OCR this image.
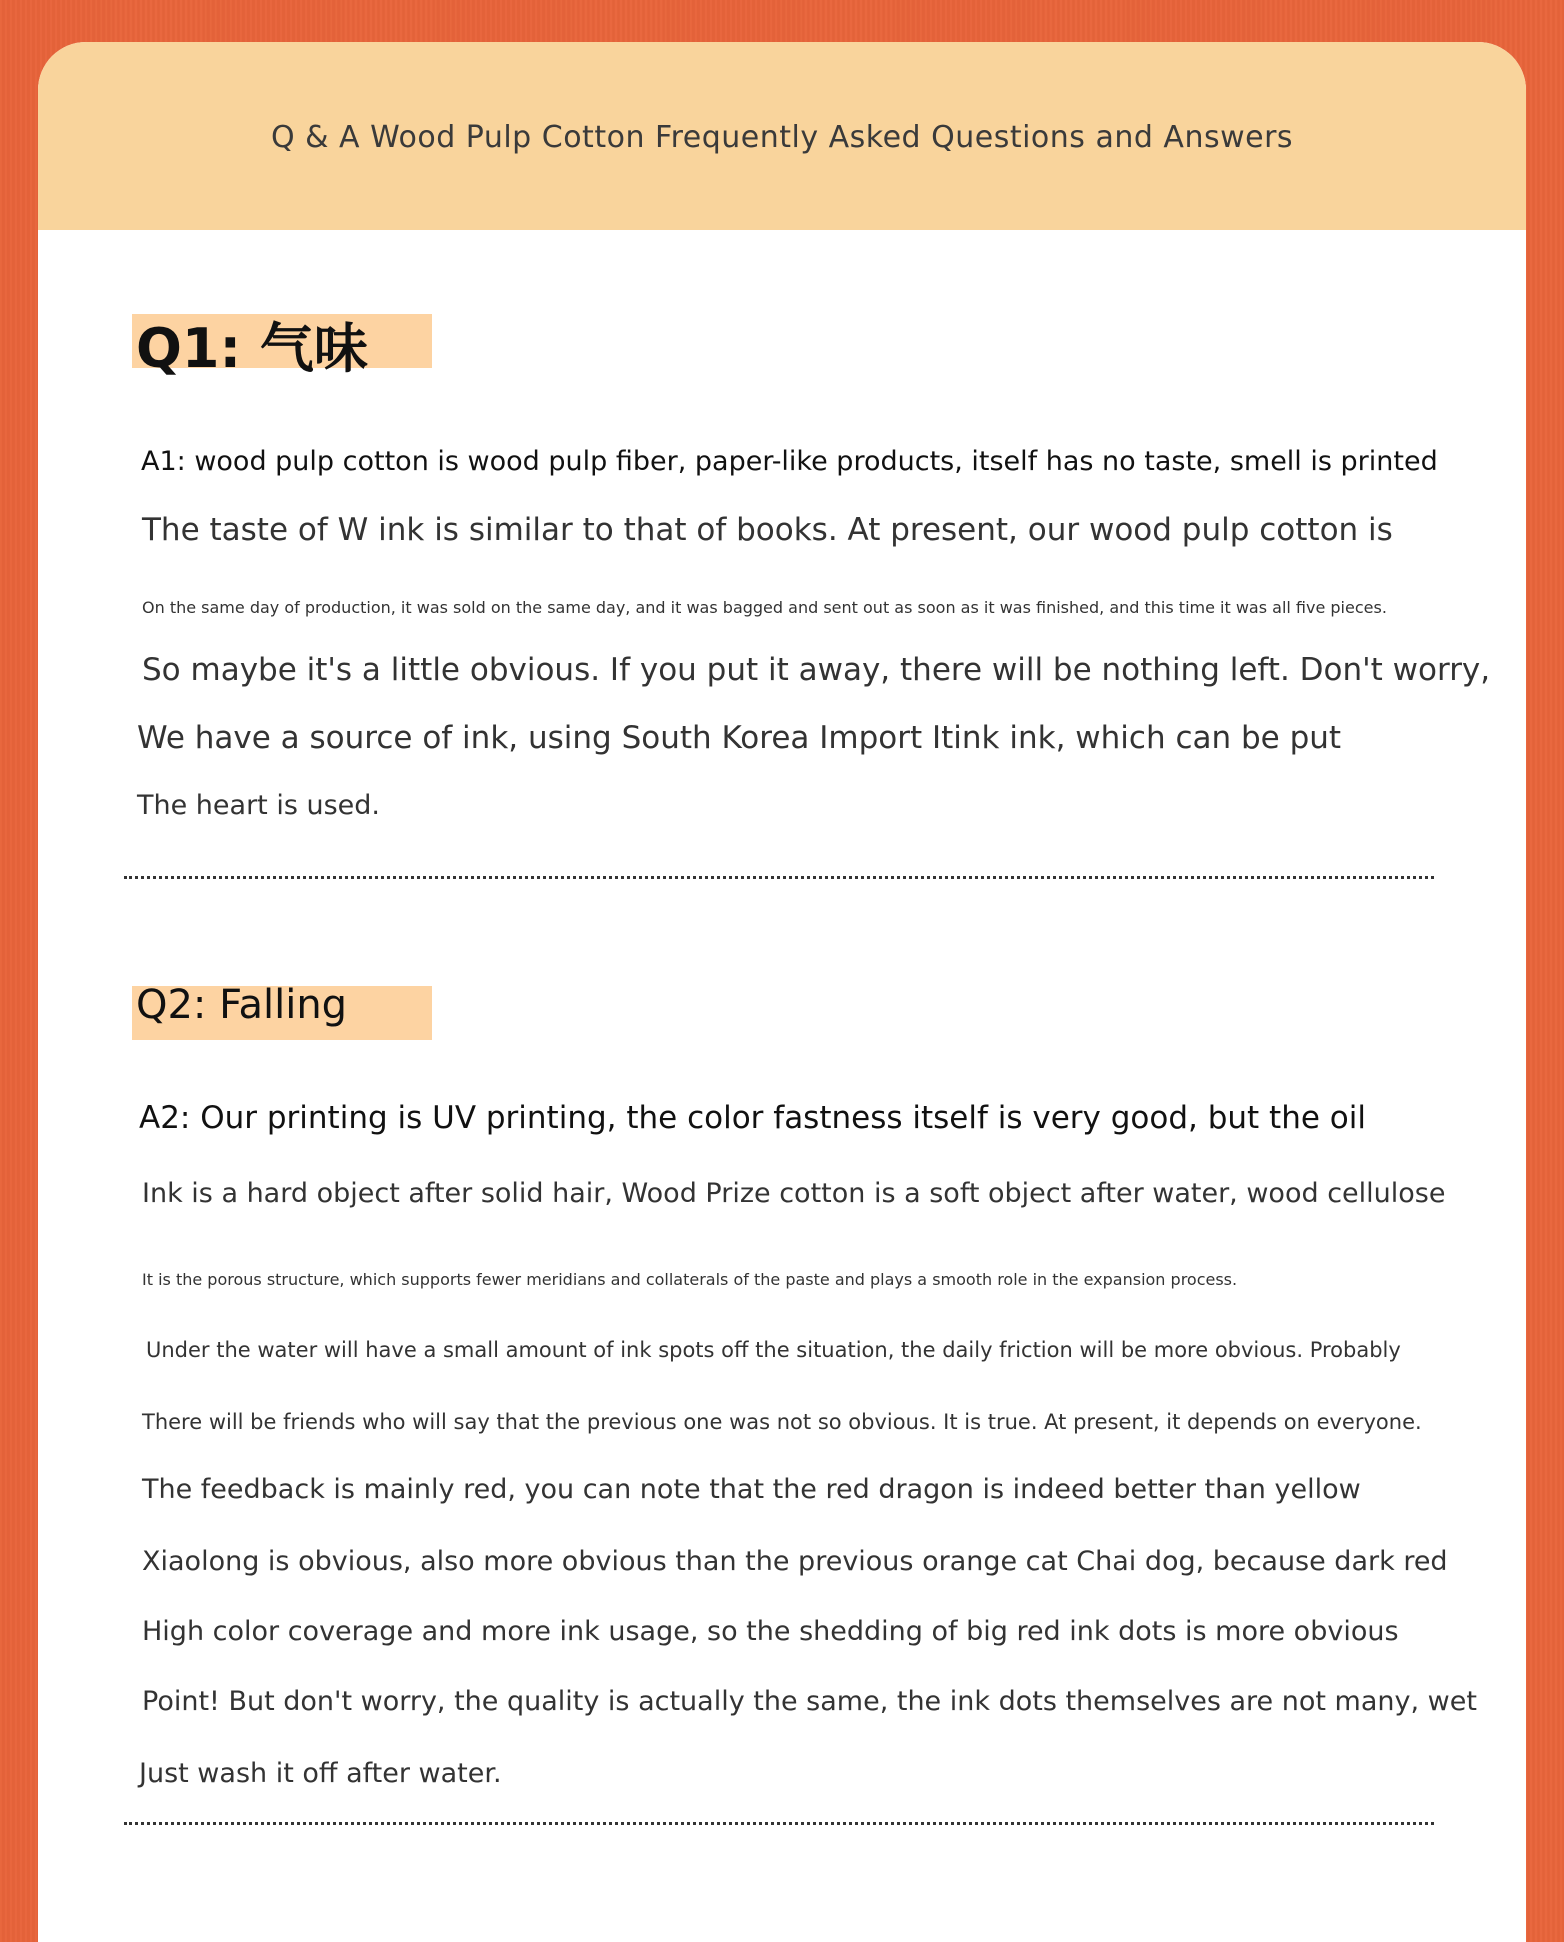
Q & A Wood Pulp Cotton Frequently Asked Questions and Answers
Q1: 气味
A1: wood pulp cotton is wood pulp fiber, paper-like products, itself has no taste, smell is printed
The taste of W ink is similar to that of books. At present, our wood pulp cotton is
On the same day of production, it was sold on the same day, and it was bagged and sent out as soon as it was finished, and this time it was all five pieces.
So maybe it's a little obvious. If you put it away, there will be nothing left. Don't worry,
We have a source of ink, using South Korea Import Itink ink, which can be put
The heart is used.
Q2: Falling
A2: Our printing is UV printing, the color fastness itself is very good, but the oil
Ink is a hard object after solid hair, Wood Prize cotton is a soft object after water, wood cellulose
It is the porous structure, which supports fewer meridians and collaterals of the paste and plays a smooth role in the expansion process.
Under the water will have a small amount of ink spots off the situation, the daily friction will be more obvious. Probably
There will be friends who will say that the previous one was not so obvious. It is true. At present, it depends on everyone.
The feedback is mainly red, you can note that the red dragon is indeed better than yellow
Xiaolong is obvious, also more obvious than the previous orange cat Chai dog, because dark red
High color coverage and more ink usage, so the shedding of big red ink dots is more obvious
Point! But don't worry, the quality is actually the same, the ink dots themselves are not many, wet
Just wash it off after water.
